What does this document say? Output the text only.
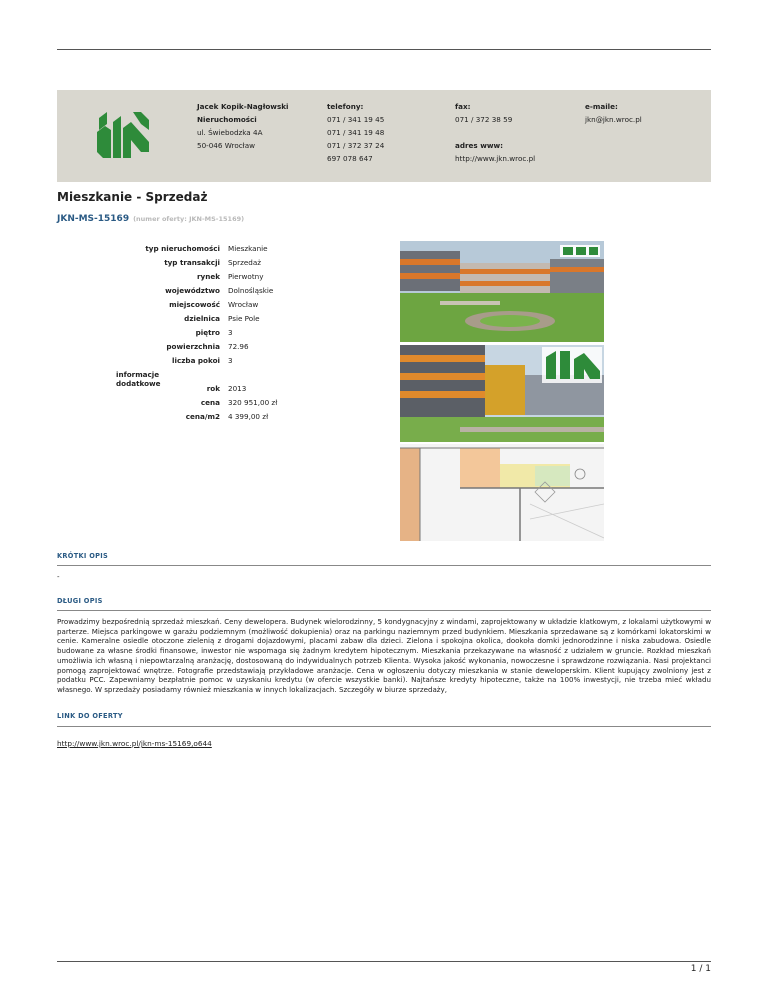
Jacek Kopik-Nagłowski
Nieruchomości
ul. Świebodzka 4A
50-046 Wrocław
telefony:
071 / 341 19 45
071 / 341 19 48
071 / 372 37 24
697 078 647
fax:
071 / 372 38 59

adres www:
http://www.jkn.wroc.pl
e-maile:
jkn@jkn.wroc.pl
Mieszkanie - Sprzedaż
JKN-MS-15169 (numer oferty: JKN-MS-15169)
typ nieruchomości Mieszkanie
typ transakcji Sprzedaż
rynek Pierwotny
województwo Dolnośląskie
miejscowość Wrocław
dzielnica Psie Pole
piętro 3
powierzchnia 72.96
liczba pokoi 3
informacje dodatkowe
rok 2013
cena 320 951,00 zł
cena/m2 4 399,00 zł
KRÓTKI OPIS
-
DŁUGI OPIS
Prowadzimy bezpośrednią sprzedaż mieszkań. Ceny dewelopera. Budynek wielorodzinny, 5 kondygnacyjny z windami, zaprojektowany w układzie klatkowym, z lokalami użytkowymi w parterze. Miejsca parkingowe w garażu podziemnym (możliwość dokupienia) oraz na parkingu naziemnym przed budynkiem. Mieszkania sprzedawane są z komórkami lokatorskimi w cenie. Kameralne osiedle otoczone zielenią z drogami dojazdowymi, placami zabaw dla dzieci. Zielona i spokojna okolica, dookoła domki jednorodzinne i niska zabudowa. Osiedle budowane za własne środki finansowe, inwestor nie wspomaga się żadnym kredytem hipotecznym. Mieszkania przekazywane na własność z udziałem w gruncie. Rozkład mieszkań umożliwia ich własną i niepowtarzalną aranżację, dostosowaną do indywidualnych potrzeb Klienta. Wysoka jakość wykonania, nowoczesne i sprawdzone rozwiązania. Nasi projektanci pomogą zaprojektować wnętrze. Fotografie przedstawiają przykładowe aranżacje. Cena w ogłoszeniu dotyczy mieszkania w stanie deweloperskim. Klient kupujący zwolniony jest z podatku PCC. Zapewniamy bezpłatnie pomoc w uzyskaniu kredytu (w ofercie wszystkie banki). Najtańsze kredyty hipoteczne, także na 100% inwestycji, nie trzeba mieć wkładu własnego. W sprzedaży posiadamy również mieszkania w innych lokalizacjach. Szczegóły w biurze sprzedaży,
LINK DO OFERTY
http://www.jkn.wroc.pl/jkn-ms-15169,o644
1 / 1
